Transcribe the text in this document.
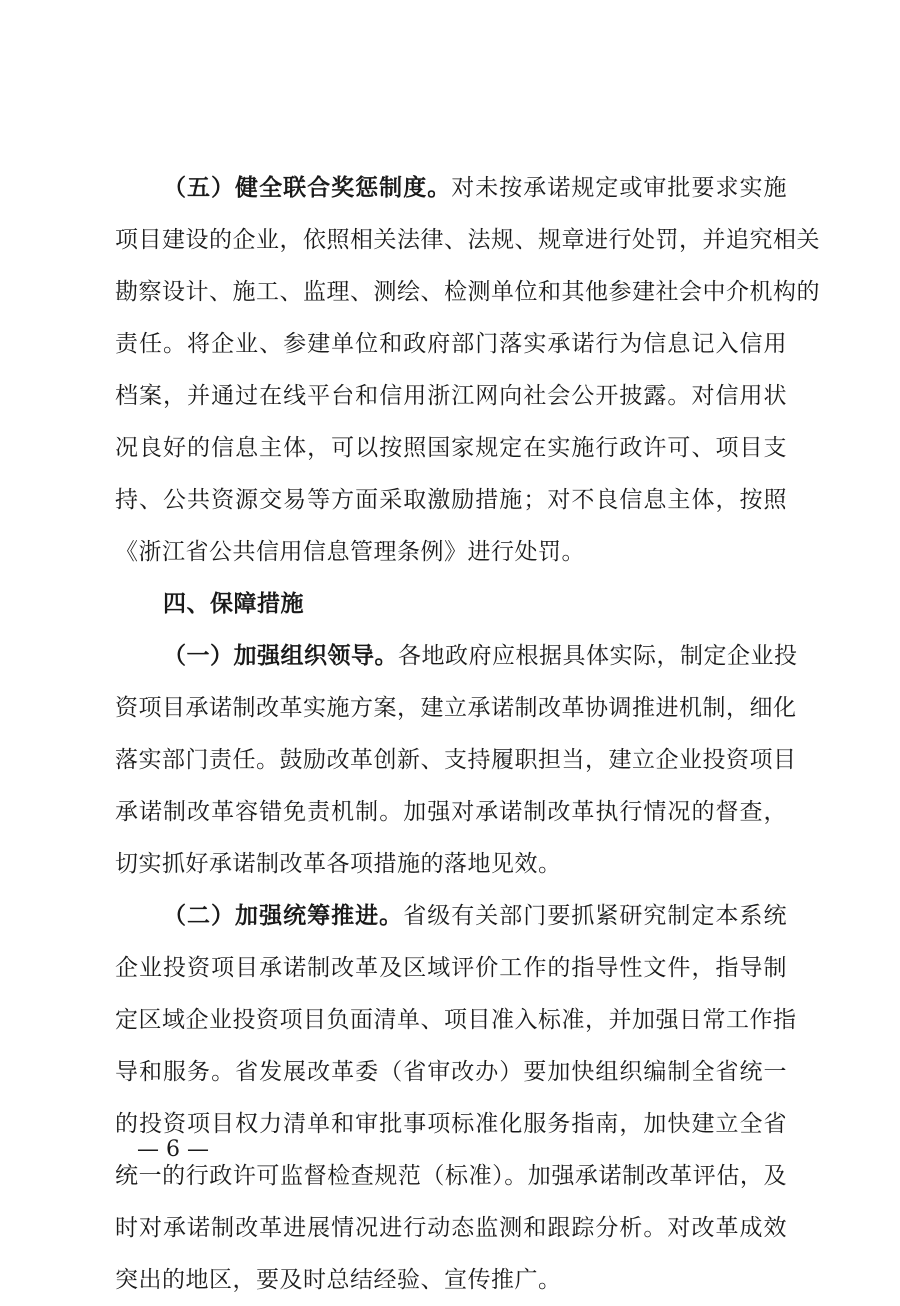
（五）健全联合奖惩制度。对未按承诺规定或审批要求实施
项目建设的企业，依照相关法律、法规、规章进行处罚，并追究相关
勘察设计、施工、监理、测绘、检测单位和其他参建社会中介机构的
责任。将企业、参建单位和政府部门落实承诺行为信息记入信用
档案，并通过在线平台和信用浙江网向社会公开披露。对信用状
况良好的信息主体，可以按照国家规定在实施行政许可、项目支
持、公共资源交易等方面采取激励措施；对不良信息主体，按照
《浙江省公共信用信息管理条例》进行处罚。
四、保障措施
（一）加强组织领导。各地政府应根据具体实际，制定企业投
资项目承诺制改革实施方案，建立承诺制改革协调推进机制，细化
落实部门责任。鼓励改革创新、支持履职担当，建立企业投资项目
承诺制改革容错免责机制。加强对承诺制改革执行情况的督查，
切实抓好承诺制改革各项措施的落地见效。
（二）加强统筹推进。省级有关部门要抓紧研究制定本系统
企业投资项目承诺制改革及区域评价工作的指导性文件，指导制
定区域企业投资项目负面清单、项目准入标准，并加强日常工作指
导和服务。省发展改革委（省审改办）要加快组织编制全省统一
的投资项目权力清单和审批事项标准化服务指南，加快建立全省
统一的行政许可监督检查规范（标准）。加强承诺制改革评估，及
时对承诺制改革进展情况进行动态监测和跟踪分析。对改革成效
突出的地区，要及时总结经验、宣传推广。
— 6 —
